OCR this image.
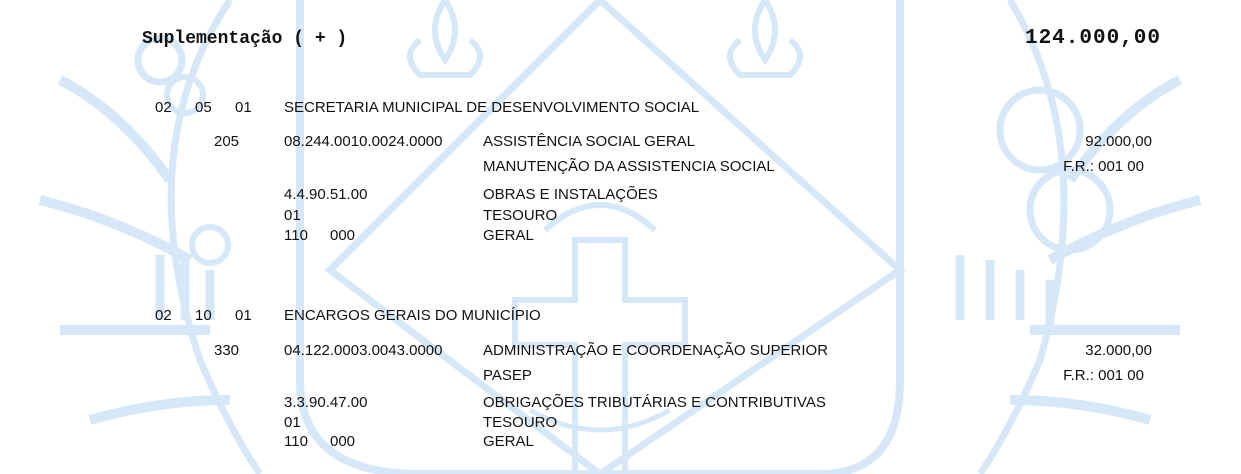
Suplementação ( + )	124.000,00
02 05 01 SECRETARIA MUNICIPAL DE DESENVOLVIMENTO SOCIAL
205	08.244.0010.0024.0000	ASSISTÊNCIA SOCIAL GERAL	92.000,00
MANUTENÇÃO DA ASSISTENCIA SOCIAL	F.R.: 001 00
4.4.90.51.00	OBRAS E INSTALAÇÕES
01	TESOURO
110 000	GERAL
02 10 01 ENCARGOS GERAIS DO MUNICÍPIO
330	04.122.0003.0043.0000	ADMINISTRAÇÃO E COORDENAÇÃO SUPERIOR	32.000,00
PASEP	F.R.: 001 00
3.3.90.47.00	OBRIGAÇÕES TRIBUTÁRIAS E CONTRIBUTIVAS
01	TESOURO
110 000	GERAL
